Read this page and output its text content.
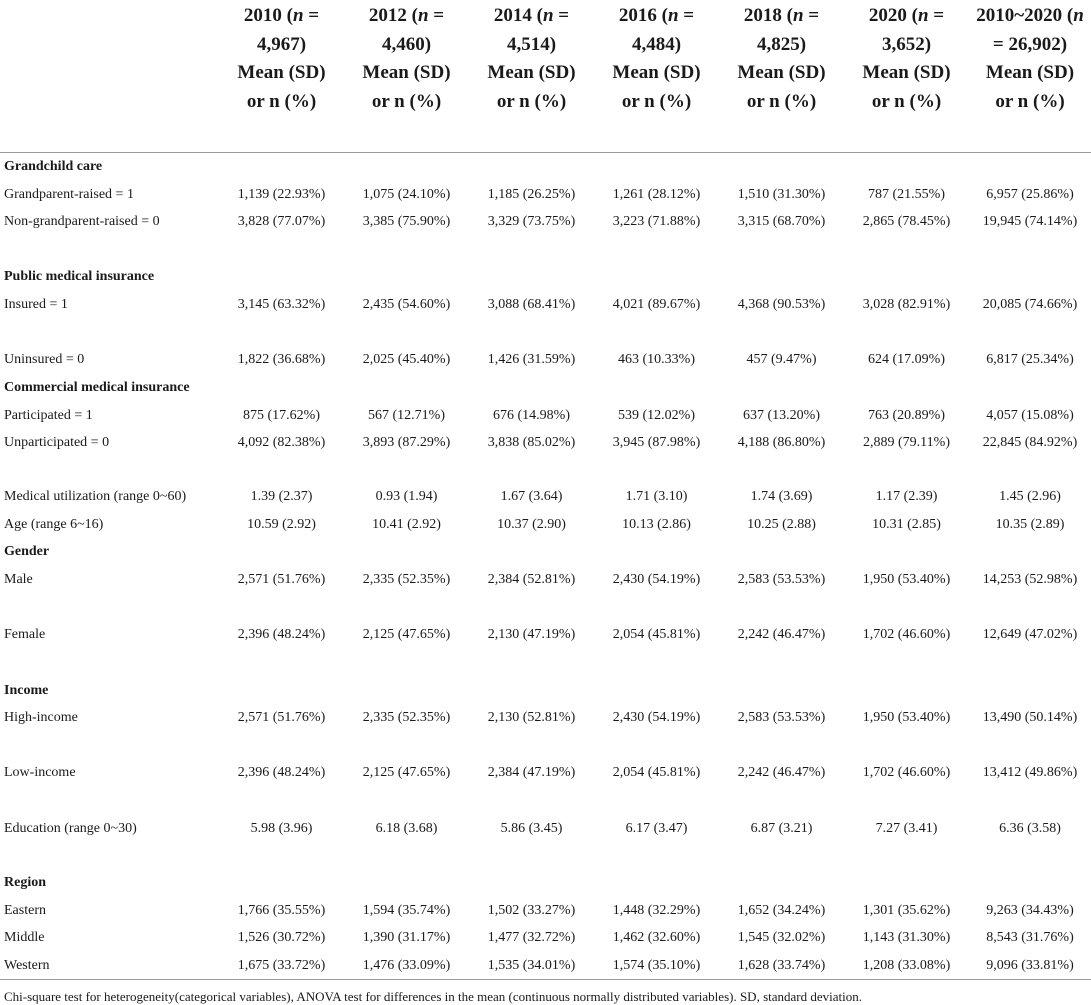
	2010 (n = 4,967)
Mean (SD)
or n (%)	2012 (n = 4,460)
Mean (SD)
or n (%)	2014 (n = 4,514)
Mean (SD)
or n (%)	2016 (n = 4,484)
Mean (SD)
or n (%)	2018 (n = 4,825)
Mean (SD)
or n (%)	2020 (n = 3,652)
Mean (SD)
or n (%)	2010~2020 (n = 26,902)
Mean (SD)
or n (%)

Grandchild care							
Grandparent-raised = 1	1,139 (22.93%)	1,075 (24.10%)	1,185 (26.25%)	1,261 (28.12%)	1,510 (31.30%)	787 (21.55%)	6,957 (25.86%)
Non-grandparent-raised = 0	3,828 (77.07%)	3,385 (75.90%)	3,329 (73.75%)	3,223 (71.88%)	3,315 (68.70%)	2,865 (78.45%)	19,945 (74.14%)
Public medical insurance							
Insured = 1	3,145 (63.32%)	2,435 (54.60%)	3,088 (68.41%)	4,021 (89.67%)	4,368 (90.53%)	3,028 (82.91%)	20,085 (74.66%)
Uninsured = 0	1,822 (36.68%)	2,025 (45.40%)	1,426 (31.59%)	463 (10.33%)	457 (9.47%)	624 (17.09%)	6,817 (25.34%)
Commercial medical insurance							
Participated = 1	875 (17.62%)	567 (12.71%)	676 (14.98%)	539 (12.02%)	637 (13.20%)	763 (20.89%)	4,057 (15.08%)
Unparticipated = 0	4,092 (82.38%)	3,893 (87.29%)	3,838 (85.02%)	3,945 (87.98%)	4,188 (86.80%)	2,889 (79.11%)	22,845 (84.92%)
Medical utilization (range 0~60)	1.39 (2.37)	0.93 (1.94)	1.67 (3.64)	1.71 (3.10)	1.74 (3.69)	1.17 (2.39)	1.45 (2.96)
Age (range 6~16)	10.59 (2.92)	10.41 (2.92)	10.37 (2.90)	10.13 (2.86)	10.25 (2.88)	10.31 (2.85)	10.35 (2.89)
Gender							
Male	2,571 (51.76%)	2,335 (52.35%)	2,384 (52.81%)	2,430 (54.19%)	2,583 (53.53%)	1,950 (53.40%)	14,253 (52.98%)
Female	2,396 (48.24%)	2,125 (47.65%)	2,130 (47.19%)	2,054 (45.81%)	2,242 (46.47%)	1,702 (46.60%)	12,649 (47.02%)
Income							
High-income	2,571 (51.76%)	2,335 (52.35%)	2,130 (52.81%)	2,430 (54.19%)	2,583 (53.53%)	1,950 (53.40%)	13,490 (50.14%)
Low-income	2,396 (48.24%)	2,125 (47.65%)	2,384 (47.19%)	2,054 (45.81%)	2,242 (46.47%)	1,702 (46.60%)	13,412 (49.86%)
Education (range 0~30)	5.98 (3.96)	6.18 (3.68)	5.86 (3.45)	6.17 (3.47)	6.87 (3.21)	7.27 (3.41)	6.36 (3.58)
Region							
Eastern	1,766 (35.55%)	1,594 (35.74%)	1,502 (33.27%)	1,448 (32.29%)	1,652 (34.24%)	1,301 (35.62%)	9,263 (34.43%)
Middle	1,526 (30.72%)	1,390 (31.17%)	1,477 (32.72%)	1,462 (32.60%)	1,545 (32.02%)	1,143 (31.30%)	8,543 (31.76%)
Western	1,675 (33.72%)	1,476 (33.09%)	1,535 (34.01%)	1,574 (35.10%)	1,628 (33.74%)	1,208 (33.08%)	9,096 (33.81%)
Chi-square test for heterogeneity(categorical variables), ANOVA test for differences in the mean (continuous normally distributed variables). SD, standard deviation.
